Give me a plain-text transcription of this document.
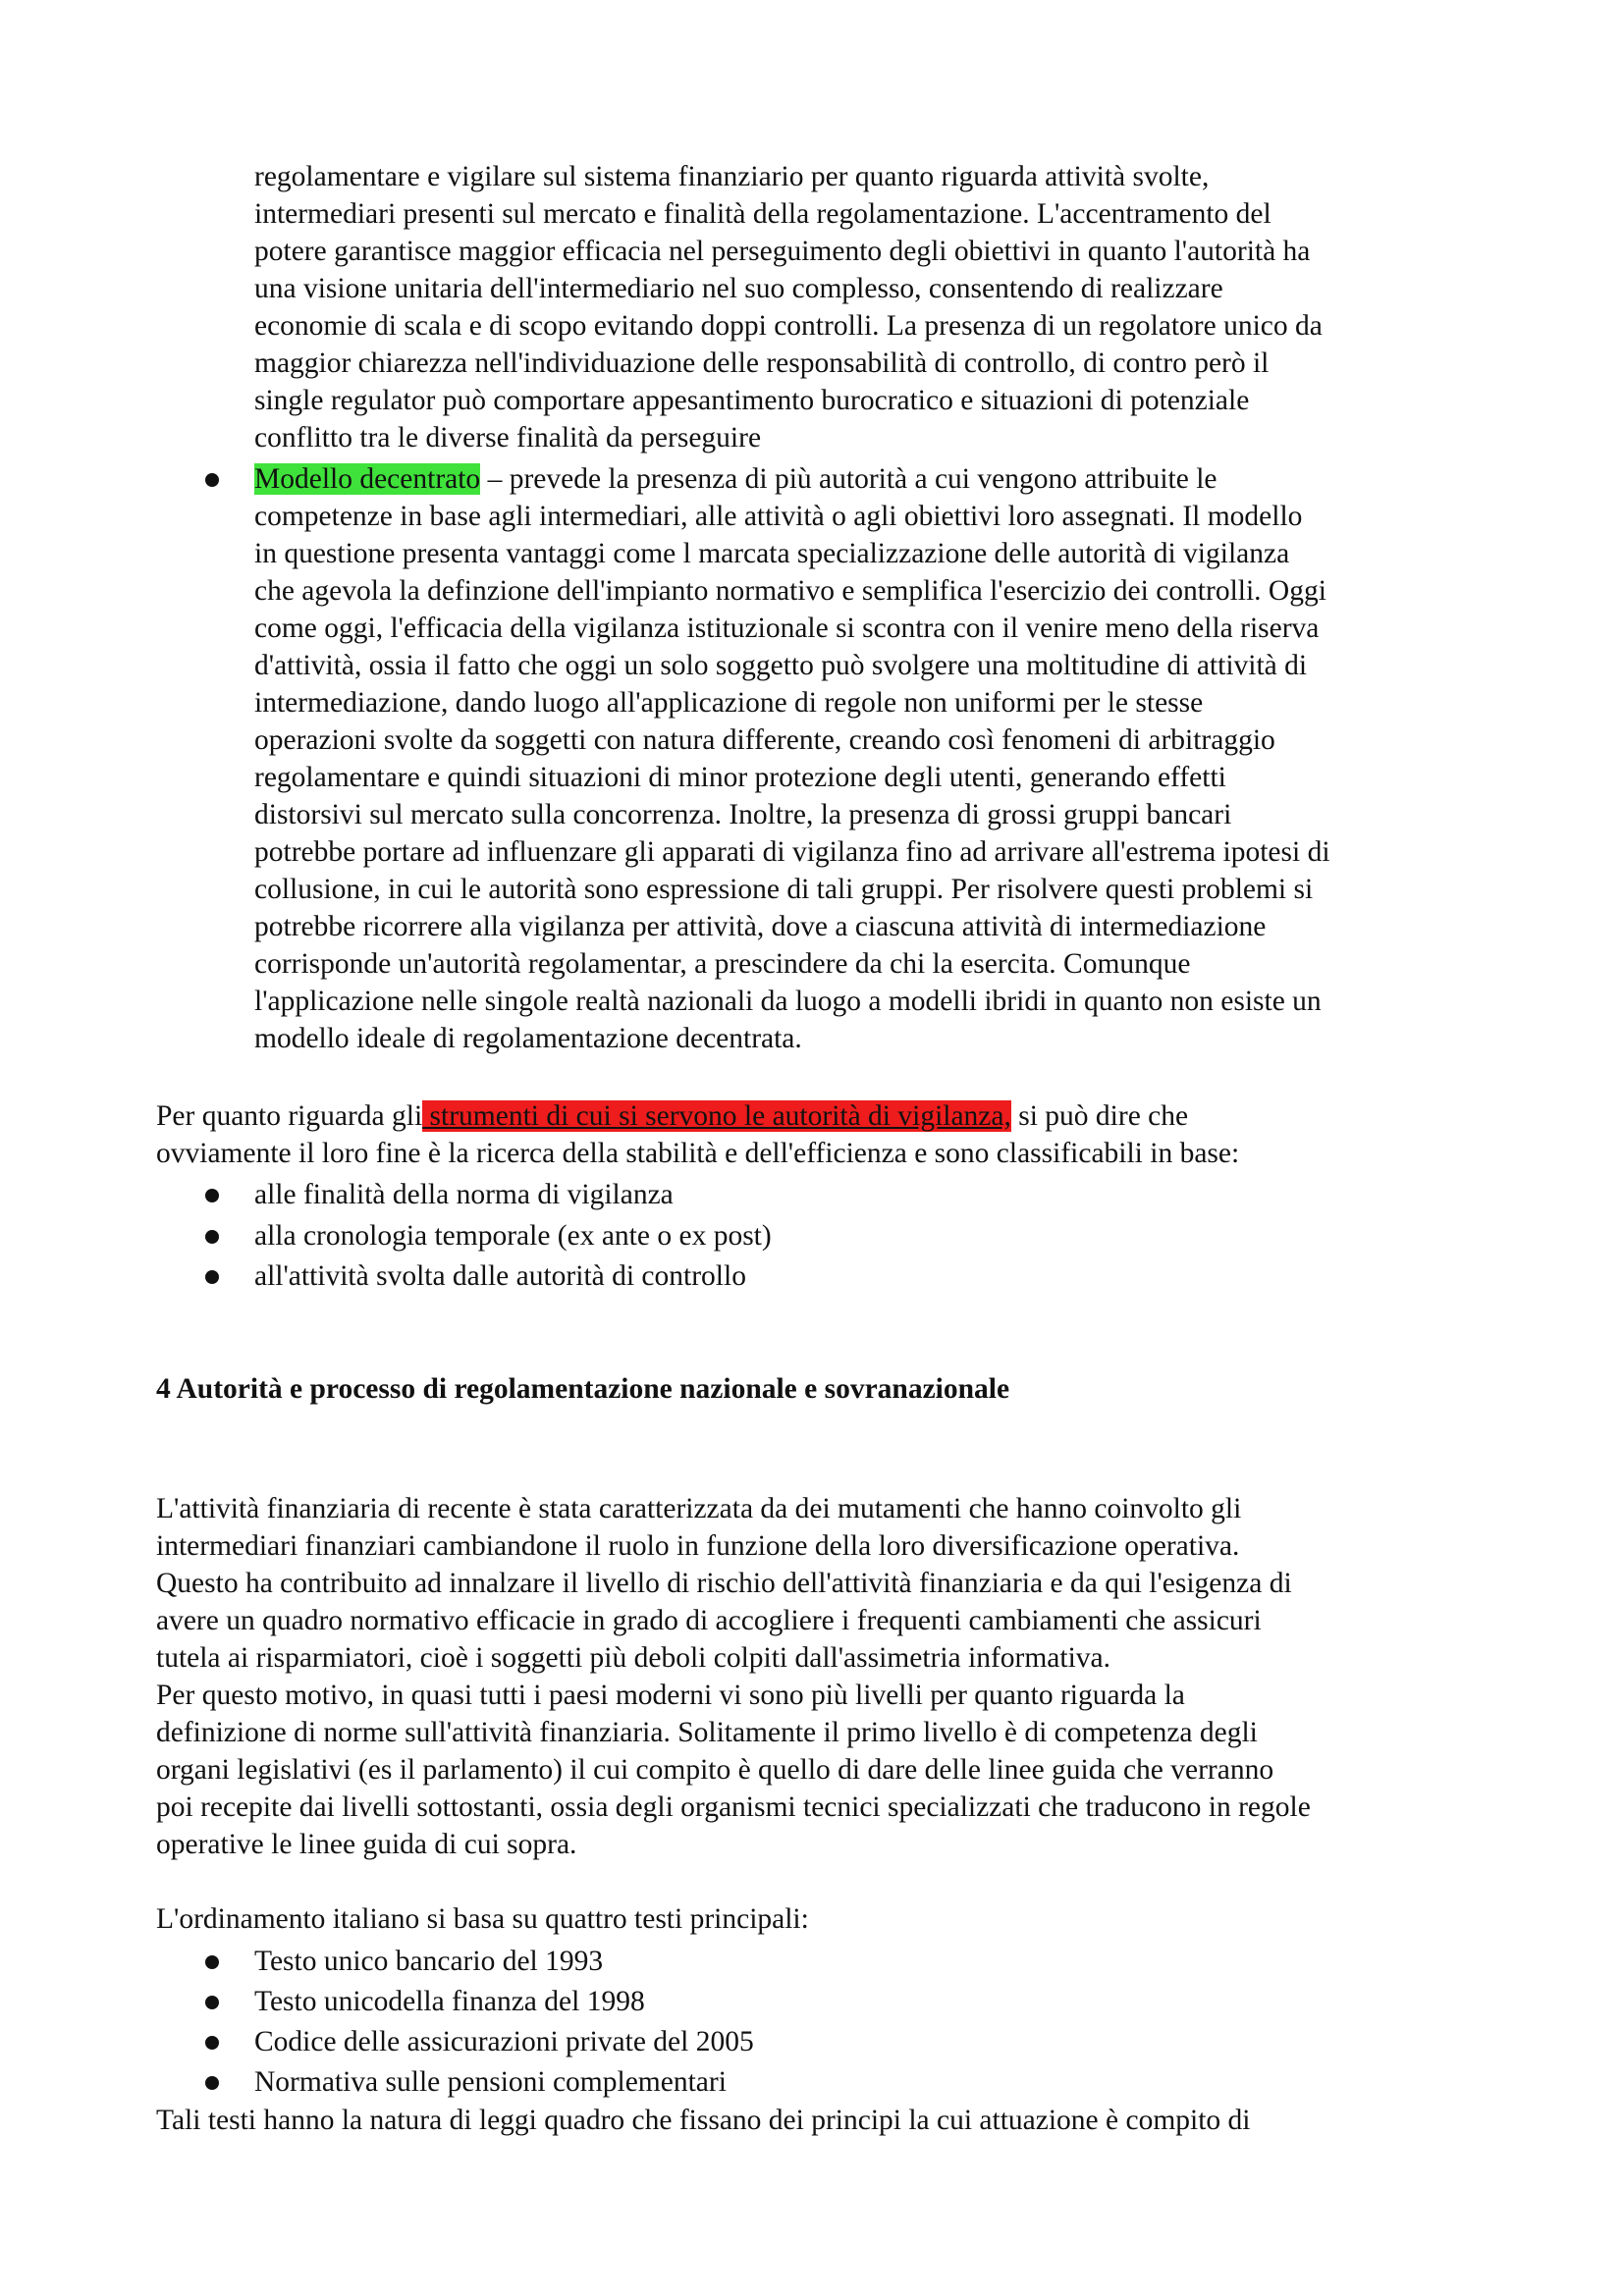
regolamentare e vigilare sul sistema finanziario per quanto riguarda attività svolte,
intermediari presenti sul mercato e finalità della regolamentazione. L'accentramento del
potere garantisce maggior efficacia nel perseguimento degli obiettivi in quanto l'autorità ha
una visione unitaria dell'intermediario nel suo complesso, consentendo di realizzare
economie di scala e di scopo evitando doppi controlli. La presenza di un regolatore unico da
maggior chiarezza nell'individuazione delle responsabilità di controllo, di contro però il
single regulator può comportare appesantimento burocratico e situazioni di potenziale
conflitto tra le diverse finalità da perseguire
Modello decentrato – prevede la presenza di più autorità a cui vengono attribuite le
competenze in base agli intermediari, alle attività o agli obiettivi loro assegnati. Il modello
in questione presenta vantaggi come l marcata specializzazione delle autorità di vigilanza
che agevola la definzione dell'impianto normativo e semplifica l'esercizio dei controlli. Oggi
come oggi, l'efficacia della vigilanza istituzionale si scontra con il venire meno della riserva
d'attività, ossia il fatto che oggi un solo soggetto può svolgere una moltitudine di attività di
intermediazione, dando luogo all'applicazione di regole non uniformi per le stesse
operazioni svolte da soggetti con natura differente, creando così fenomeni di arbitraggio
regolamentare e quindi situazioni di minor protezione degli utenti, generando effetti
distorsivi sul mercato sulla concorrenza. Inoltre, la presenza di grossi gruppi bancari
potrebbe portare ad influenzare gli apparati di vigilanza fino ad arrivare all'estrema ipotesi di
collusione, in cui le autorità sono espressione di tali gruppi. Per risolvere questi problemi si
potrebbe ricorrere alla vigilanza per attività, dove a ciascuna attività di intermediazione
corrisponde un'autorità regolamentar, a prescindere da chi la esercita. Comunque
l'applicazione nelle singole realtà nazionali da luogo a modelli ibridi in quanto non esiste un
modello ideale di regolamentazione decentrata.
Per quanto riguarda gli strumenti di cui si servono le autorità di vigilanza, si può dire che
ovviamente il loro fine è la ricerca della stabilità e dell'efficienza e sono classificabili in base:
alle finalità della norma di vigilanza
alla cronologia temporale (ex ante o ex post)
all'attività svolta dalle autorità di controllo
4 Autorità e processo di regolamentazione nazionale e sovranazionale
L'attività finanziaria di recente è stata caratterizzata da dei mutamenti che hanno coinvolto gli
intermediari finanziari cambiandone il ruolo in funzione della loro diversificazione operativa.
Questo ha contribuito ad innalzare il livello di rischio dell'attività finanziaria e da qui l'esigenza di
avere un quadro normativo efficacie in grado di accogliere i frequenti cambiamenti che assicuri
tutela ai risparmiatori, cioè i soggetti più deboli colpiti dall'assimetria informativa.
Per questo motivo, in quasi tutti i paesi moderni vi sono più livelli per quanto riguarda la
definizione di norme sull'attività finanziaria. Solitamente il primo livello è di competenza degli
organi legislativi (es il parlamento) il cui compito è quello di dare delle linee guida che verranno
poi recepite dai livelli sottostanti, ossia degli organismi tecnici specializzati che traducono in regole
operative le linee guida di cui sopra.
L'ordinamento italiano si basa su quattro testi principali:
Testo unico bancario del 1993
Testo unicodella finanza del 1998
Codice delle assicurazioni private del 2005
Normativa sulle pensioni complementari
Tali testi hanno la natura di leggi quadro che fissano dei principi la cui attuazione è compito di
